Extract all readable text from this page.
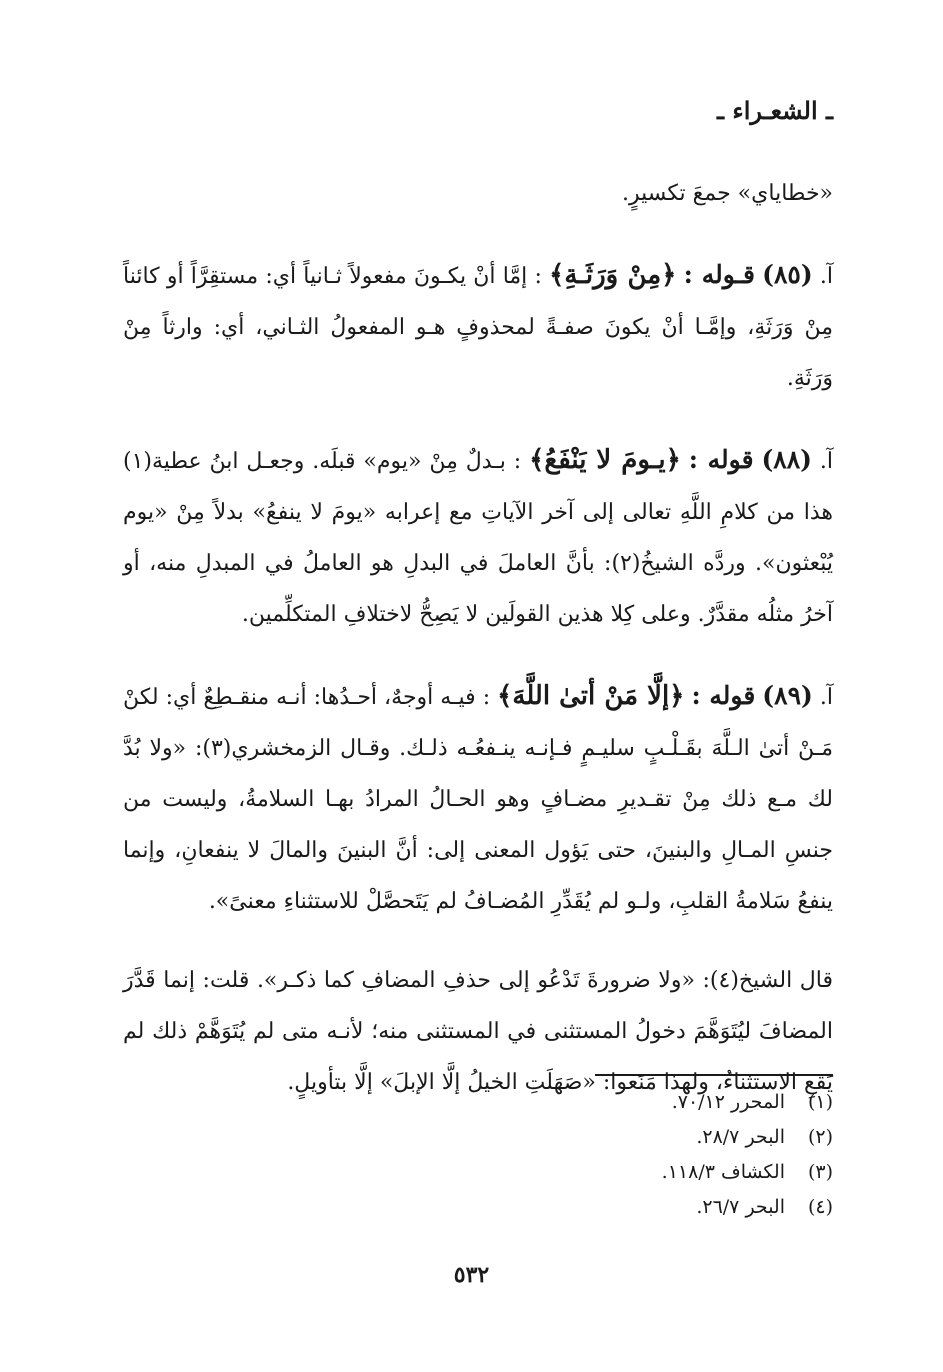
ـ الشعـراء ـ

«خطاياي» جمعَ تكسيرٍ.

آ. (٨٥) قـوله : ﴿مِنْ وَرَثَـةِ﴾ : إمَّا أنْ يكـونَ مفعولاً ثـانياً أي: مستقِرَّاً أو كائناً مِنْ وَرَثَةِ، وإمَّـا أنْ يكونَ صفـةً لمحذوفٍ هـو المفعولُ الثـاني، أي: وارثاً مِنْ وَرَثَةِ.

آ. (٨٨) قوله : ﴿يـومَ لا يَنْفَعُ﴾ : بـدلٌ مِنْ «يوم» قبلَه. وجعـل ابنُ عطية(١) هذا من كلامِ اللَّهِ تعالى إلى آخر الآياتِ مع إعرابه «يومَ لا ينفعُ» بدلاً مِنْ «يوم يُبْعثون». وردَّه الشيخُ(٢): بأنَّ العاملَ في البدلِ هو العاملُ في المبدلِ منه، أو آخرُ مثلُه مقدَّرٌ. وعلى كِلا هذين القولَين لا يَصِحُّ لاختلافِ المتكلِّمين.

آ. (٨٩) قوله : ﴿إلَّا مَنْ أتىٰ اللَّهَ﴾ : فيـه أوجهٌ، أحـدُها: أنـه منقـطِعٌ أي: لكنْ مَـنْ أتىٰ الـلَّهَ بقَـلْـبٍ سليـمٍ فـإنـه ينـفعُـه ذلـك. وقـال الزمخشري(٣): «ولا بُدَّ لك مـع ذلك مِنْ تقـديرِ مضـافٍ وهو الحـالُ المرادُ بهـا السلامةُ، وليست من جنسِ المـالِ والبنينَ، حتى يَؤول المعنى إلى: أنَّ البنينَ والمالَ لا ينفعانِ، وإنما ينفعُ سَلامةُ القلبِ، ولـو لم يُقَدِّرِ المُضـافُ لم يَتَحصَّلْ للاستثناءِ معنىً».

قال الشيخ(٤): «ولا ضرورةَ تَدْعُو إلى حذفِ المضافِ كما ذكـر». قلت: إنما قَدَّرَ المضافَ ليُتَوَهَّمَ دخولُ المستثنى في المستثنى منه؛ لأنـه متى لم يُتَوَهَّمْ ذلك لم يَقعِ الاستثناءُ، ولهذا مَنَعوا: «صَهَلَتِ الخيلُ إلَّا الإبلَ» إلَّا بتأويلٍ.

(١)المحرر ٧٠/١٢.
(٢)البحر ٢٨/٧.
(٣)الكشاف ١١٨/٣.
(٤)البحر ٢٦/٧.
٥٣٢
